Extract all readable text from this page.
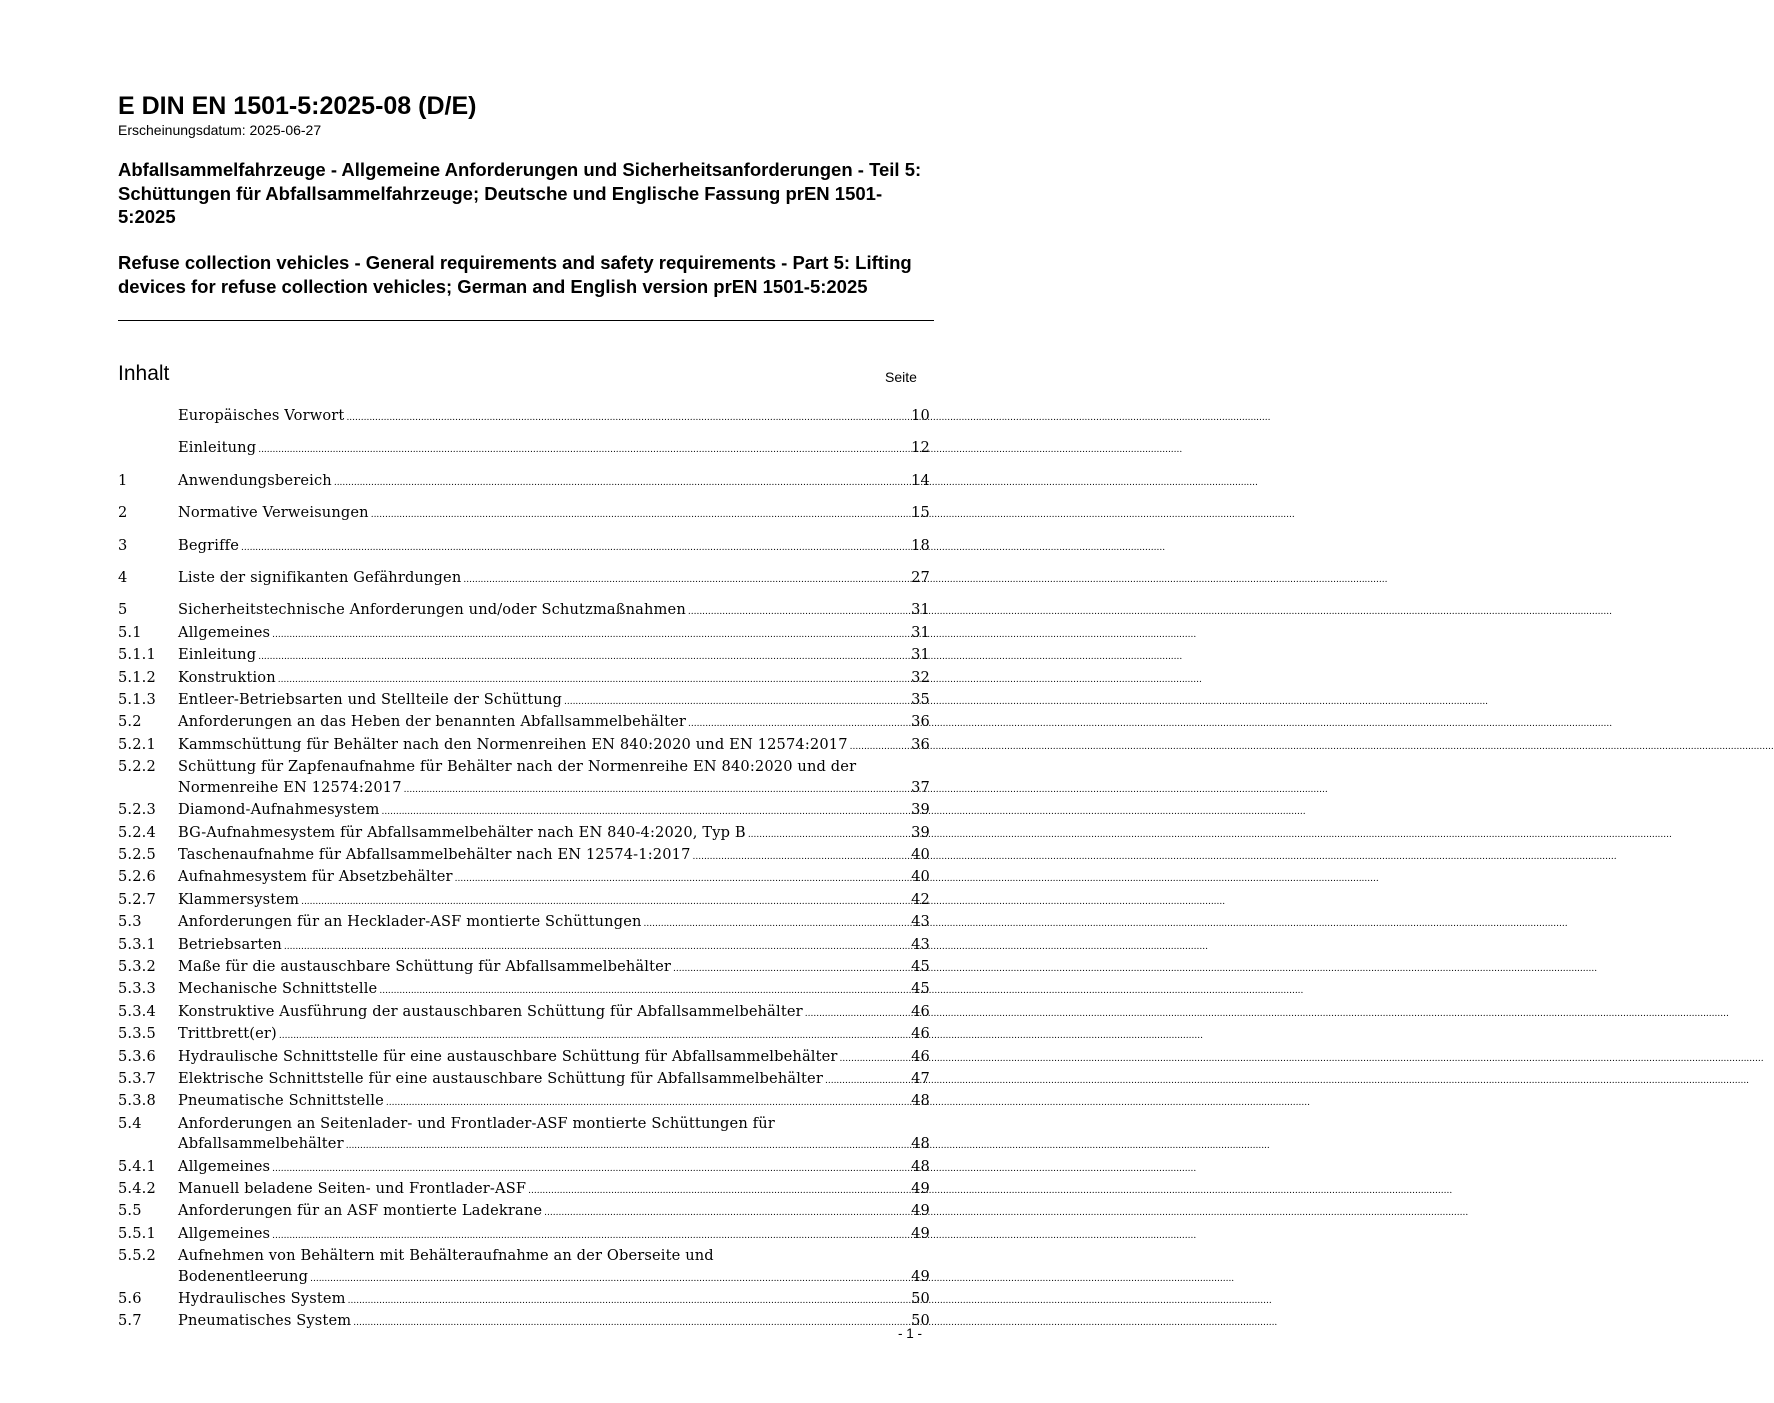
E DIN EN 1501-5:2025-08 (D/E)
Erscheinungsdatum: 2025-06-27
Abfallsammelfahrzeuge - Allgemeine Anforderungen und Sicherheitsanforderungen - Teil 5: Schüttungen für Abfallsammelfahrzeuge; Deutsche und Englische Fassung prEN 1501-5:2025
Refuse collection vehicles - General requirements and safety requirements - Part 5: Lifting devices for refuse collection vehicles; German and English version prEN 1501-5:2025
Inhalt	Seite
Europäisches Vorwort .....	10
Einleitung .....	12
1	Anwendungsbereich .....	14
2	Normative Verweisungen .....	15
3	Begriffe .....	18
4	Liste der signifikanten Gefährdungen .....	27
5	Sicherheitstechnische Anforderungen und/oder Schutzmaßnahmen .....	31
5.1	Allgemeines .....	31
5.1.1	Einleitung .....	31
5.1.2	Konstruktion .....	32
5.1.3	Entleer-Betriebsarten und Stellteile der Schüttung .....	35
5.2	Anforderungen an das Heben der benannten Abfallsammelbehälter .....	36
5.2.1	Kammschüttung für Behälter nach den Normenreihen EN 840:2020 und EN 12574:2017 .....	36
5.2.2	Schüttung für Zapfenaufnahme für Behälter nach der Normenreihe EN 840:2020 und der
Normenreihe EN 12574:2017 .....	37
5.2.3	Diamond-Aufnahmesystem .....	39
5.2.4	BG-Aufnahmesystem für Abfallsammelbehälter nach EN 840-4:2020, Typ B .....	39
5.2.5	Taschenaufnahme für Abfallsammelbehälter nach EN 12574-1:2017 .....	40
5.2.6	Aufnahmesystem für Absetzbehälter .....	40
5.2.7	Klammersystem .....	42
5.3	Anforderungen für an Hecklader-ASF montierte Schüttungen .....	43
5.3.1	Betriebsarten .....	43
5.3.2	Maße für die austauschbare Schüttung für Abfallsammelbehälter .....	45
5.3.3	Mechanische Schnittstelle .....	45
5.3.4	Konstruktive Ausführung der austauschbaren Schüttung für Abfallsammelbehälter .....	46
5.3.5	Trittbrett(er) .....	46
5.3.6	Hydraulische Schnittstelle für eine austauschbare Schüttung für Abfallsammelbehälter .....	46
5.3.7	Elektrische Schnittstelle für eine austauschbare Schüttung für Abfallsammelbehälter .....	47
5.3.8	Pneumatische Schnittstelle .....	48
5.4	Anforderungen an Seitenlader- und Frontlader-ASF montierte Schüttungen für
Abfallsammelbehälter .....	48
5.4.1	Allgemeines .....	48
5.4.2	Manuell beladene Seiten- und Frontlader-ASF .....	49
5.5	Anforderungen für an ASF montierte Ladekrane .....	49
5.5.1	Allgemeines .....	49
5.5.2	Aufnehmen von Behältern mit Behälteraufnahme an der Oberseite und
Bodenentleerung .....	49
5.6	Hydraulisches System .....	50
5.7	Pneumatisches System .....	50
- 1 -
